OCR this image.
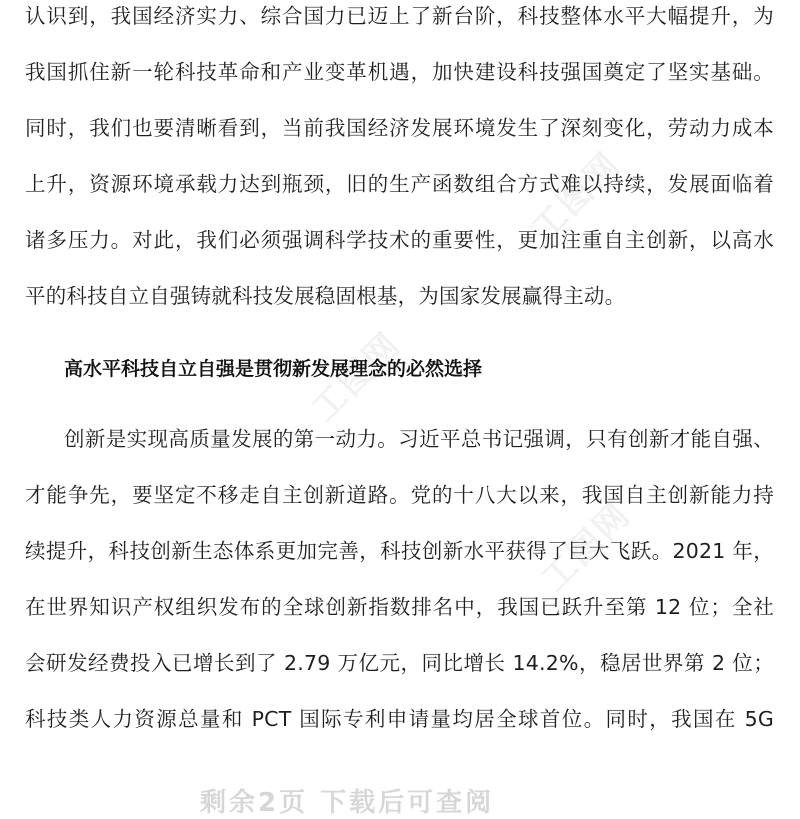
工图网
工图网
工图网
认识到，我国经济实力、综合国力已迈上了新台阶，科技整体水平大幅提升，为
我国抓住新一轮科技革命和产业变革机遇，加快建设科技强国奠定了坚实基础。
同时，我们也要清晰看到，当前我国经济发展环境发生了深刻变化，劳动力成本
上升，资源环境承载力达到瓶颈，旧的生产函数组合方式难以持续，发展面临着
诸多压力。对此，我们必须强调科学技术的重要性，更加注重自主创新，以高水
平的科技自立自强铸就科技发展稳固根基，为国家发展赢得主动。
高水平科技自立自强是贯彻新发展理念的必然选择
创新是实现高质量发展的第一动力。习近平总书记强调，只有创新才能自强、
才能争先，要坚定不移走自主创新道路。党的十八大以来，我国自主创新能力持
续提升，科技创新生态体系更加完善，科技创新水平获得了巨大飞跃。2021 年，
在世界知识产权组织发布的全球创新指数排名中，我国已跃升至第 12 位；全社
会研发经费投入已增长到了 2.79 万亿元，同比增长 14.2%，稳居世界第 2 位；
科技类人力资源总量和 PCT 国际专利申请量均居全球首位。同时，我国在 5G
剩余2页 下载后可查阅
